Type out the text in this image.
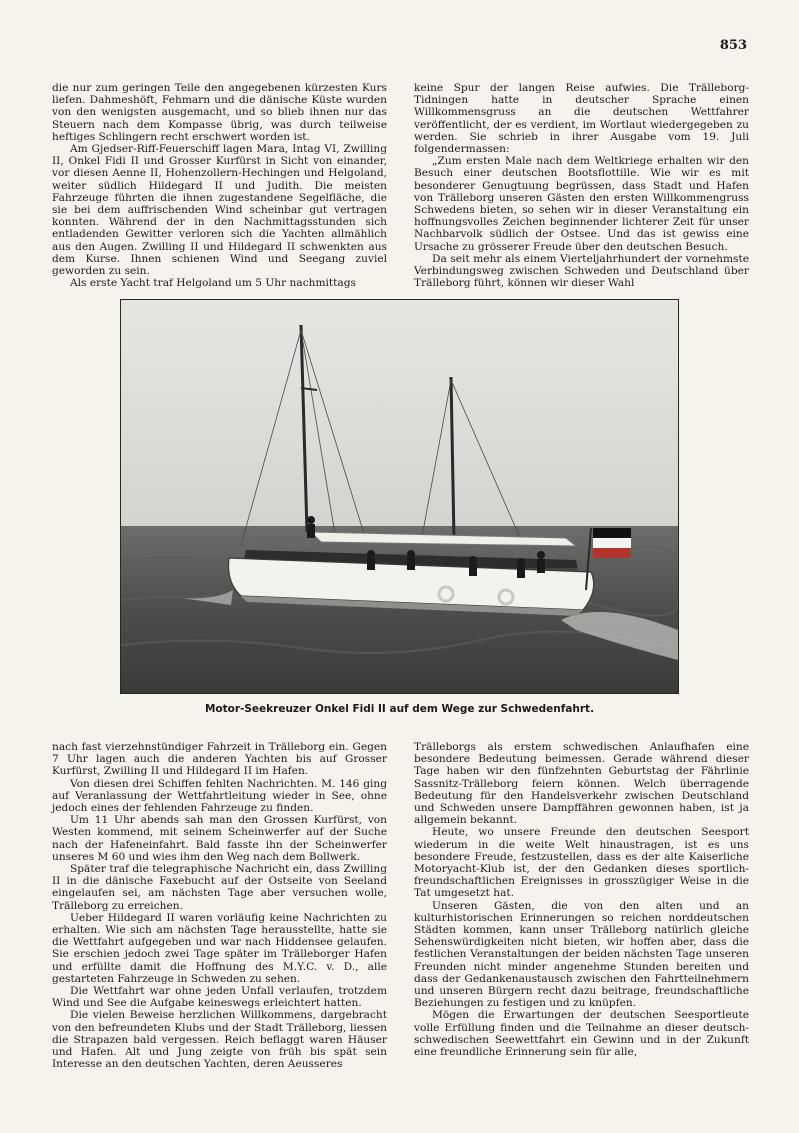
853

die nur zum geringen Teile den angegebenen kürzesten Kurs liefen. Dahmeshöft, Fehmarn und die dänische Küste wurden von den wenigsten ausgemacht, und so blieb ihnen nur das Steuern nach dem Kompasse übrig, was durch teilweise heftiges Schlingern recht erschwert worden ist.

Am Gjedser-Riff-Feuerschiff lagen Mara, Intag VI, Zwilling II, Onkel Fidi II und Grosser Kurfürst in Sicht von einander, vor diesen Aenne II, Hohenzollern-Hechingen und Helgoland, weiter südlich Hildegard II und Judith. Die meisten Fahrzeuge führten die ihnen zugestandene Segelfläche, die sie bei dem auffrischenden Wind scheinbar gut vertragen konnten. Während der in den Nachmittagsstunden sich entladenden Gewitter verloren sich die Yachten allmählich aus den Augen. Zwilling II und Hildegard II schwenkten aus dem Kurse. Ihnen schienen Wind und Seegang zuviel geworden zu sein.

Als erste Yacht traf Helgoland um 5 Uhr nachmittags

keine Spur der langen Reise aufwies. Die Trälleborg-Tidningen hatte in deutscher Sprache einen Willkommensgruss an die deutschen Wettfahrer veröffentlicht, der es verdient, im Wortlaut wiedergegeben zu werden. Sie schrieb in ihrer Ausgabe vom 19. Juli folgendermassen:

„Zum ersten Male nach dem Weltkriege erhalten wir den Besuch einer deutschen Bootsflottille. Wie wir es mit besonderer Genugtuung begrüssen, dass Stadt und Hafen von Trälleborg unseren Gästen den ersten Willkommengruss Schwedens bieten, so sehen wir in dieser Veranstaltung ein hoffnungsvolles Zeichen beginnender lichterer Zeit für unser Nachbarvolk südlich der Ostsee. Und das ist gewiss eine Ursache zu grösserer Freude über den deutschen Besuch.

Da seit mehr als einem Vierteljahrhundert der vornehmste Verbindungsweg zwischen Schweden und Deutschland über Trälleborg führt, können wir dieser Wahl

Motor-Seekreuzer Onkel Fidi II auf dem Wege zur Schwedenfahrt.

nach fast vierzehnstündiger Fahrzeit in Trälleborg ein. Gegen 7 Uhr lagen auch die anderen Yachten bis auf Grosser Kurfürst, Zwilling II und Hildegard II im Hafen.

Von diesen drei Schiffen fehlten Nachrichten. M. 146 ging auf Veranlassung der Wettfahrtleitung wieder in See, ohne jedoch eines der fehlenden Fahrzeuge zu finden.

Um 11 Uhr abends sah man den Grossen Kurfürst, von Westen kommend, mit seinem Scheinwerfer auf der Suche nach der Hafeneinfahrt. Bald fasste ihn der Scheinwerfer unseres M 60 und wies ihm den Weg nach dem Bollwerk.

Später traf die telegraphische Nachricht ein, dass Zwilling II in die dänische Faxebucht auf der Ostseite von Seeland eingelaufen sei, am nächsten Tage aber versuchen wolle, Trälleborg zu erreichen.

Ueber Hildegard II waren vorläufig keine Nachrichten zu erhalten. Wie sich am nächsten Tage herausstellte, hatte sie die Wettfahrt aufgegeben und war nach Hiddensee gelaufen. Sie erschien jedoch zwei Tage später im Trälleborger Hafen und erfüllte damit die Hoffnung des M.Y.C. v. D., alle gestarteten Fahrzeuge in Schweden zu sehen.

Die Wettfahrt war ohne jeden Unfall verlaufen, trotzdem Wind und See die Aufgabe keineswegs erleichtert hatten.

Die vielen Beweise herzlichen Willkommens, dargebracht von den befreundeten Klubs und der Stadt Trälleborg, liessen die Strapazen bald vergessen. Reich beflaggt waren Häuser und Hafen. Alt und Jung zeigte von früh bis spät sein Interesse an den deutschen Yachten, deren Aeusseres

Trälleborgs als erstem schwedischen Anlaufhafen eine besondere Bedeutung beimessen. Gerade während dieser Tage haben wir den fünfzehnten Geburtstag der Fährlinie Sassnitz-Trälleborg feiern können. Welch überragende Bedeutung für den Handelsverkehr zwischen Deutschland und Schweden unsere Dampffähren gewonnen haben, ist ja allgemein bekannt.

Heute, wo unsere Freunde den deutschen Seesport wiederum in die weite Welt hinaustragen, ist es uns besondere Freude, festzustellen, dass es der alte Kaiserliche Motoryacht-Klub ist, der den Gedanken dieses sportlich-freundschaftlichen Ereignisses in grosszügiger Weise in die Tat umgesetzt hat.

Unseren Gästen, die von den alten und an kulturhistorischen Erinnerungen so reichen norddeutschen Städten kommen, kann unser Trälleborg natürlich gleiche Sehenswürdigkeiten nicht bieten, wir hoffen aber, dass die festlichen Veranstaltungen der beiden nächsten Tage unseren Freunden nicht minder angenehme Stunden bereiten und dass der Gedankenaustausch zwischen den Fahrtteilnehmern und unseren Bürgern recht dazu beitrage, freundschaftliche Beziehungen zu festigen und zu knüpfen.

Mögen die Erwartungen der deutschen Seesportleute volle Erfüllung finden und die Teilnahme an dieser deutsch-schwedischen Seewettfahrt ein Gewinn und in der Zukunft eine freundliche Erinnerung sein für alle,
